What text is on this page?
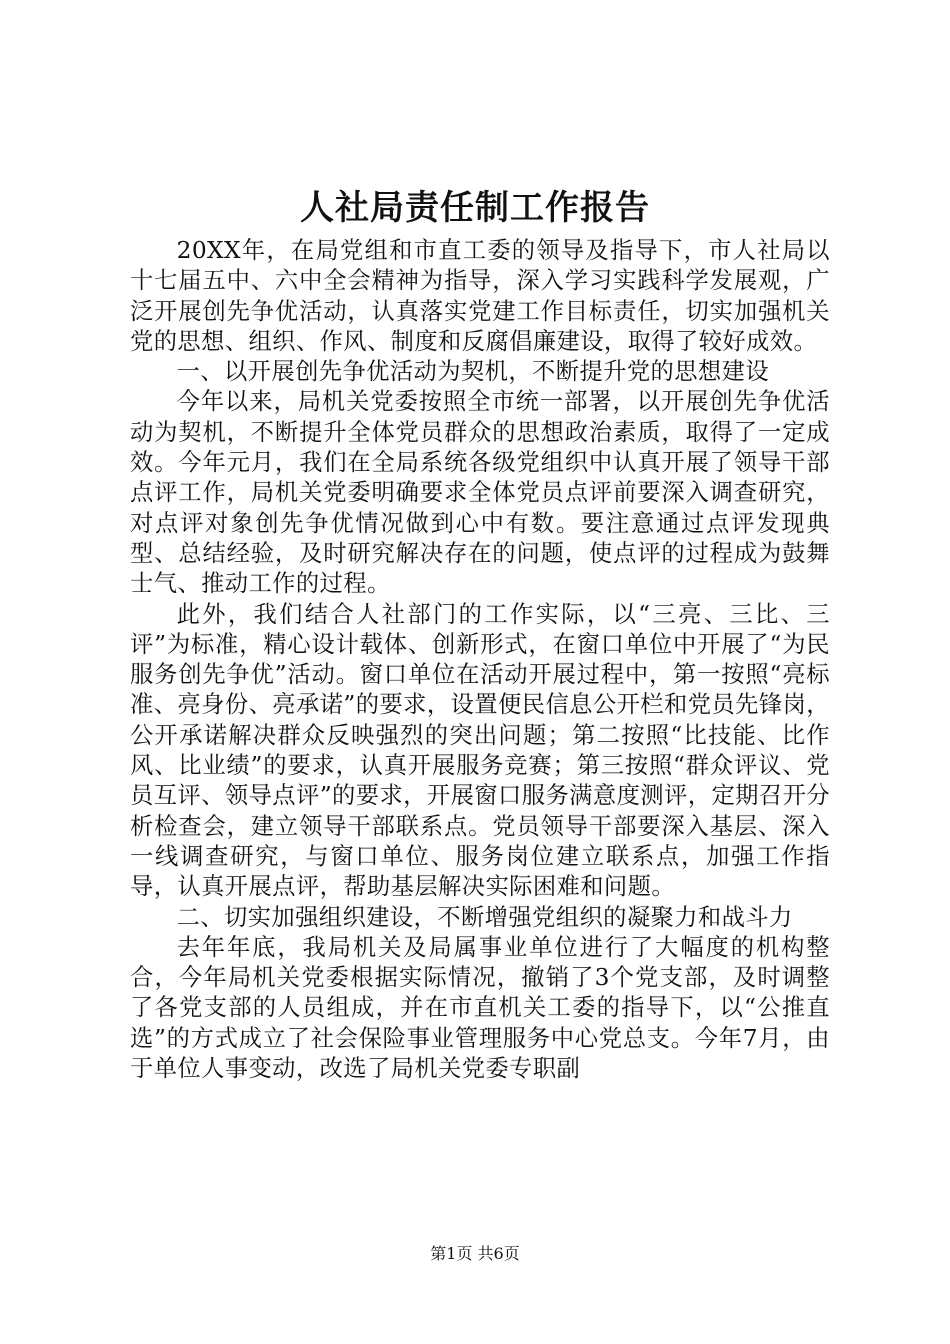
人社局责任制工作报告

20XX年，在局党组和市直工委的领导及指导下，市人社局以十七届五中、六中全会精神为指导，深入学习实践科学发展观，广泛开展创先争优活动，认真落实党建工作目标责任，切实加强机关党的思想、组织、作风、制度和反腐倡廉建设，取得了较好成效。

一、以开展创先争优活动为契机，不断提升党的思想建设

今年以来，局机关党委按照全市统一部署，以开展创先争优活动为契机，不断提升全体党员群众的思想政治素质，取得了一定成效。今年元月，我们在全局系统各级党组织中认真开展了领导干部点评工作，局机关党委明确要求全体党员点评前要深入调查研究，对点评对象创先争优情况做到心中有数。要注意通过点评发现典型、总结经验，及时研究解决存在的问题，使点评的过程成为鼓舞士气、推动工作的过程。

此外，我们结合人社部门的工作实际，以“三亮、三比、三评”为标准，精心设计载体、创新形式，在窗口单位中开展了“为民服务创先争优”活动。窗口单位在活动开展过程中，第一按照“亮标准、亮身份、亮承诺”的要求，设置便民信息公开栏和党员先锋岗，公开承诺解决群众反映强烈的突出问题；第二按照“比技能、比作风、比业绩”的要求，认真开展服务竞赛；第三按照“群众评议、党员互评、领导点评”的要求，开展窗口服务满意度测评，定期召开分析检查会，建立领导干部联系点。党员领导干部要深入基层、深入一线调查研究，与窗口单位、服务岗位建立联系点，加强工作指导，认真开展点评，帮助基层解决实际困难和问题。

二、切实加强组织建设，不断增强党组织的凝聚力和战斗力

去年年底，我局机关及局属事业单位进行了大幅度的机构整合，今年局机关党委根据实际情况，撤销了3个党支部，及时调整了各党支部的人员组成，并在市直机关工委的指导下，以“公推直选”的方式成立了社会保险事业管理服务中心党总支。今年7月，由于单位人事变动，改选了局机关党委专职副

第1页 共6页
